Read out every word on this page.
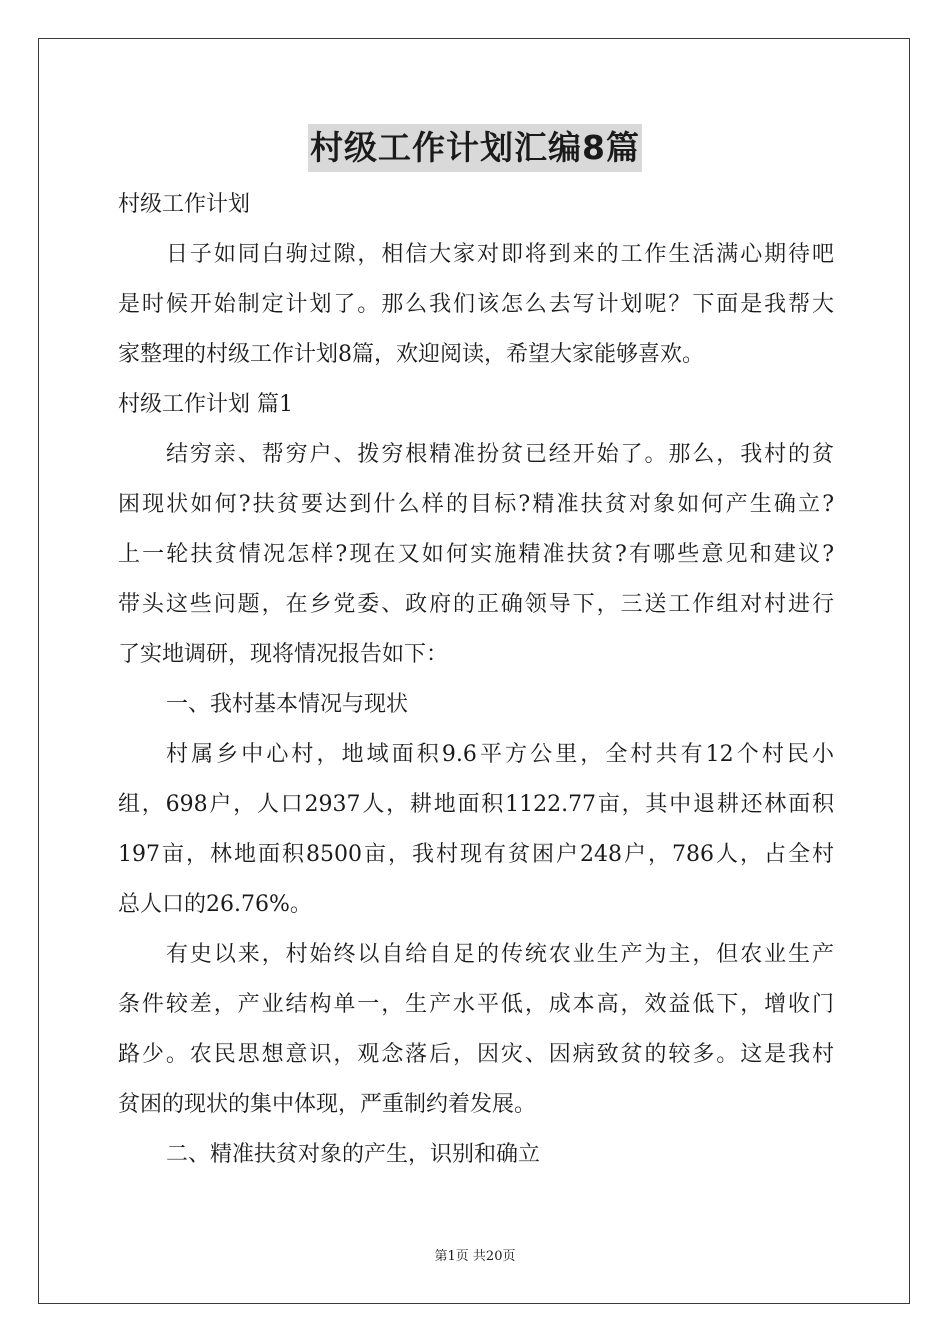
村级工作计划汇编8篇
村级工作计划
日子如同白驹过隙，相信大家对即将到来的工作生活满心期待吧
是时候开始制定计划了。那么我们该怎么去写计划呢？下面是我帮大
家整理的村级工作计划8篇，欢迎阅读，希望大家能够喜欢。
村级工作计划 篇1
结穷亲、帮穷户、拨穷根精准扮贫已经开始了。那么，我村的贫
困现状如何?扶贫要达到什么样的目标?精准扶贫对象如何产生确立?
上一轮扶贫情况怎样?现在又如何实施精准扶贫?有哪些意见和建议?
带头这些问题，在乡党委、政府的正确领导下，三送工作组对村进行
了实地调研，现将情况报告如下：
一、我村基本情况与现状
村属乡中心村，地域面积9.6平方公里，全村共有12个村民小
组，698户，人口2937人，耕地面积1122.77亩，其中退耕还林面积
197亩，林地面积8500亩，我村现有贫困户248户，786人，占全村
总人口的26.76%。
有史以来，村始终以自给自足的传统农业生产为主，但农业生产
条件较差，产业结构单一，生产水平低，成本高，效益低下，增收门
路少。农民思想意识，观念落后，因灾、因病致贫的较多。这是我村
贫困的现状的集中体现，严重制约着发展。
二、精准扶贫对象的产生，识别和确立
第1页 共20页
